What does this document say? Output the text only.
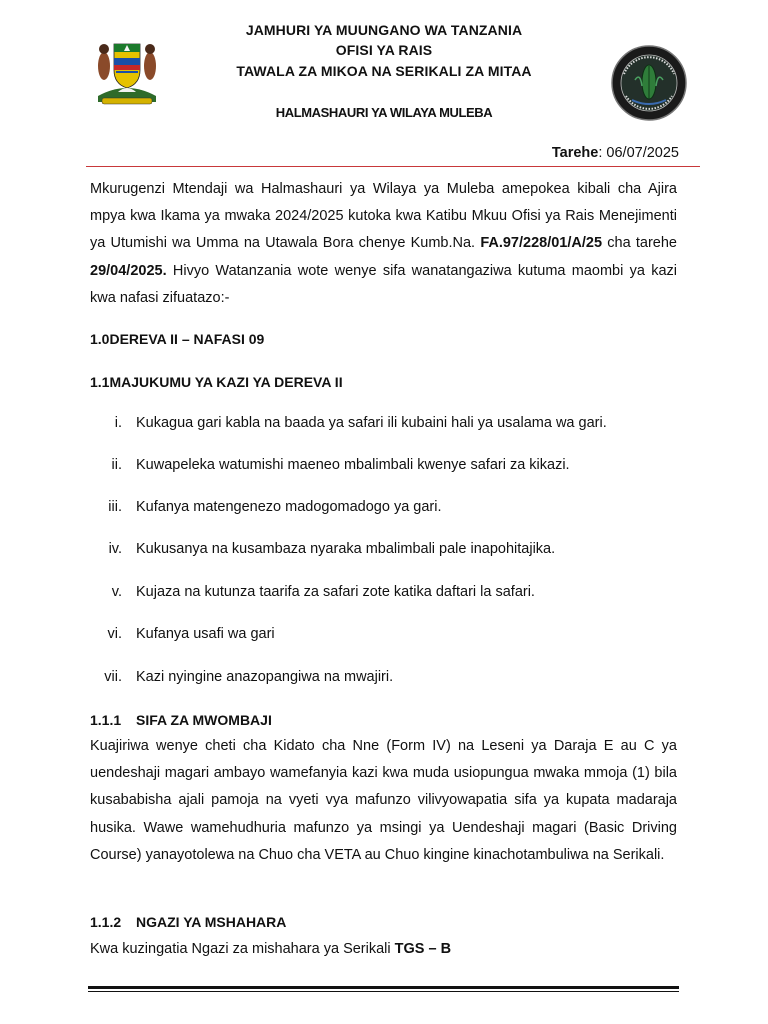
JAMHURI YA MUUNGANO WA TANZANIA
OFISI YA RAIS
TAWALA ZA MIKOA NA SERIKALI ZA MITAA
HALMASHAURI YA WILAYA MULEBA
Tarehe: 06/07/2025
Mkurugenzi Mtendaji wa Halmashauri ya Wilaya ya Muleba amepokea kibali cha Ajira mpya kwa Ikama ya mwaka 2024/2025 kutoka kwa Katibu Mkuu Ofisi ya Rais Menejimenti ya Utumishi wa Umma na Utawala Bora chenye Kumb.Na. FA.97/228/01/A/25 cha tarehe 29/04/2025. Hivyo Watanzania wote wenye sifa wanatangaziwa kutuma maombi ya kazi kwa nafasi zifuatazo:-
1.0DEREVA II – NAFASI 09
1.1MAJUKUMU YA KAZI YA DEREVA II
i. Kukagua gari kabla na baada ya safari ili kubaini hali ya usalama wa gari.
ii. Kuwapeleka watumishi maeneo mbalimbali kwenye safari za kikazi.
iii. Kufanya matengenezo madogomadogo ya gari.
iv. Kukusanya na kusambaza nyaraka mbalimbali pale inapohitajika.
v. Kujaza na kutunza taarifa za safari zote katika daftari la safari.
vi. Kufanya usafi wa gari
vii. Kazi nyingine anazopangiwa na mwajiri.
1.1.1 SIFA ZA MWOMBAJI
Kuajiriwa wenye cheti cha Kidato cha Nne (Form IV) na Leseni ya Daraja E au C ya uendeshaji magari ambayo wamefanyia kazi kwa muda usiopungua mwaka mmoja (1) bila kusababisha ajali pamoja na vyeti vya mafunzo vilivyowapatia sifa ya kupata madaraja husika. Wawe wamehudhuria mafunzo ya msingi ya Uendeshaji magari (Basic Driving Course) yanayotolewa na Chuo cha VETA au Chuo kingine kinachotambuliwa na Serikali.
1.1.2 NGAZI YA MSHAHARA
Kwa kuzingatia Ngazi za mishahara ya Serikali TGS – B
